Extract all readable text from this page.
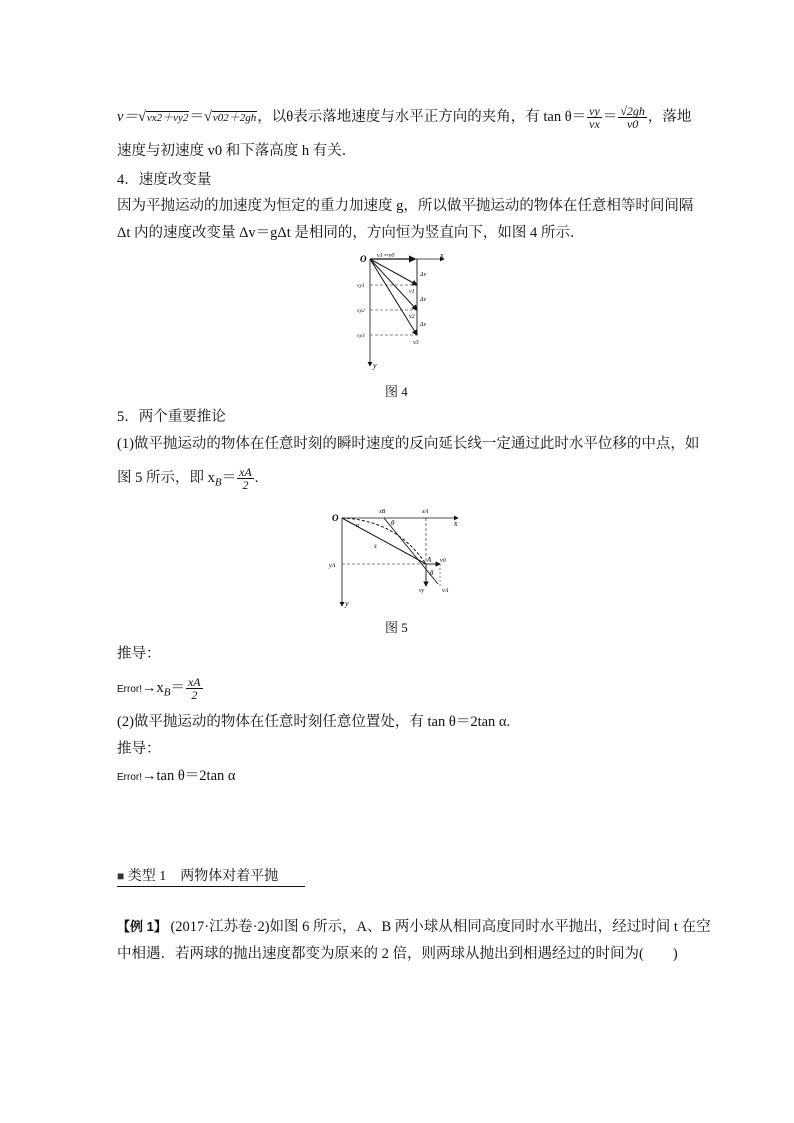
v＝√vx2＋vy2＝√v02＋2gh，以θ表示落地速度与水平正方向的夹角，有 $\tan \theta= \frac{vy}{vx} = \frac{√2gh}{v0}$ ，落地
速度与初速度 v0 和下落高度 h 有关．
4．速度改变量
因为平抛运动的加速度为恒定的重力加速度 g，所以做平抛运动的物体在任意相等时间间隔
Δt 内的速度改变量 Δv＝gΔt 是相同的，方向恒为竖直向下，如图 4 所示．
O	x
y
v1＝v0
Δv
Δv
Δv
vy1
vy2
vy3
v1
v2
v3
图 4
5．两个重要推论
(1)做平抛运动的物体在任意时刻的瞬时速度的反向延长线一定通过此时水平位移的中点，如
图 5 所示，即 $x_B= \frac{xA}{2}$ .
O
x
y
xB	xA
yA
α	θ
s
A v0
θ
vy	vA
图 5
推导：
$Error!\to x_B= \frac{xA}{2}$
(2)做平抛运动的物体在任意时刻任意位置处，有 tan θ＝2tan α.
推导：
Error!→tan θ＝2tan α
■ 类型 1　两物体对着平抛
【例 1】 (2017·江苏卷·2)如图 6 所示，A、B 两小球从相同高度同时水平抛出，经过时间 t 在空
中相遇．若两球的抛出速度都变为原来的 2 倍，则两球从抛出到相遇经过的时间为(　　)
